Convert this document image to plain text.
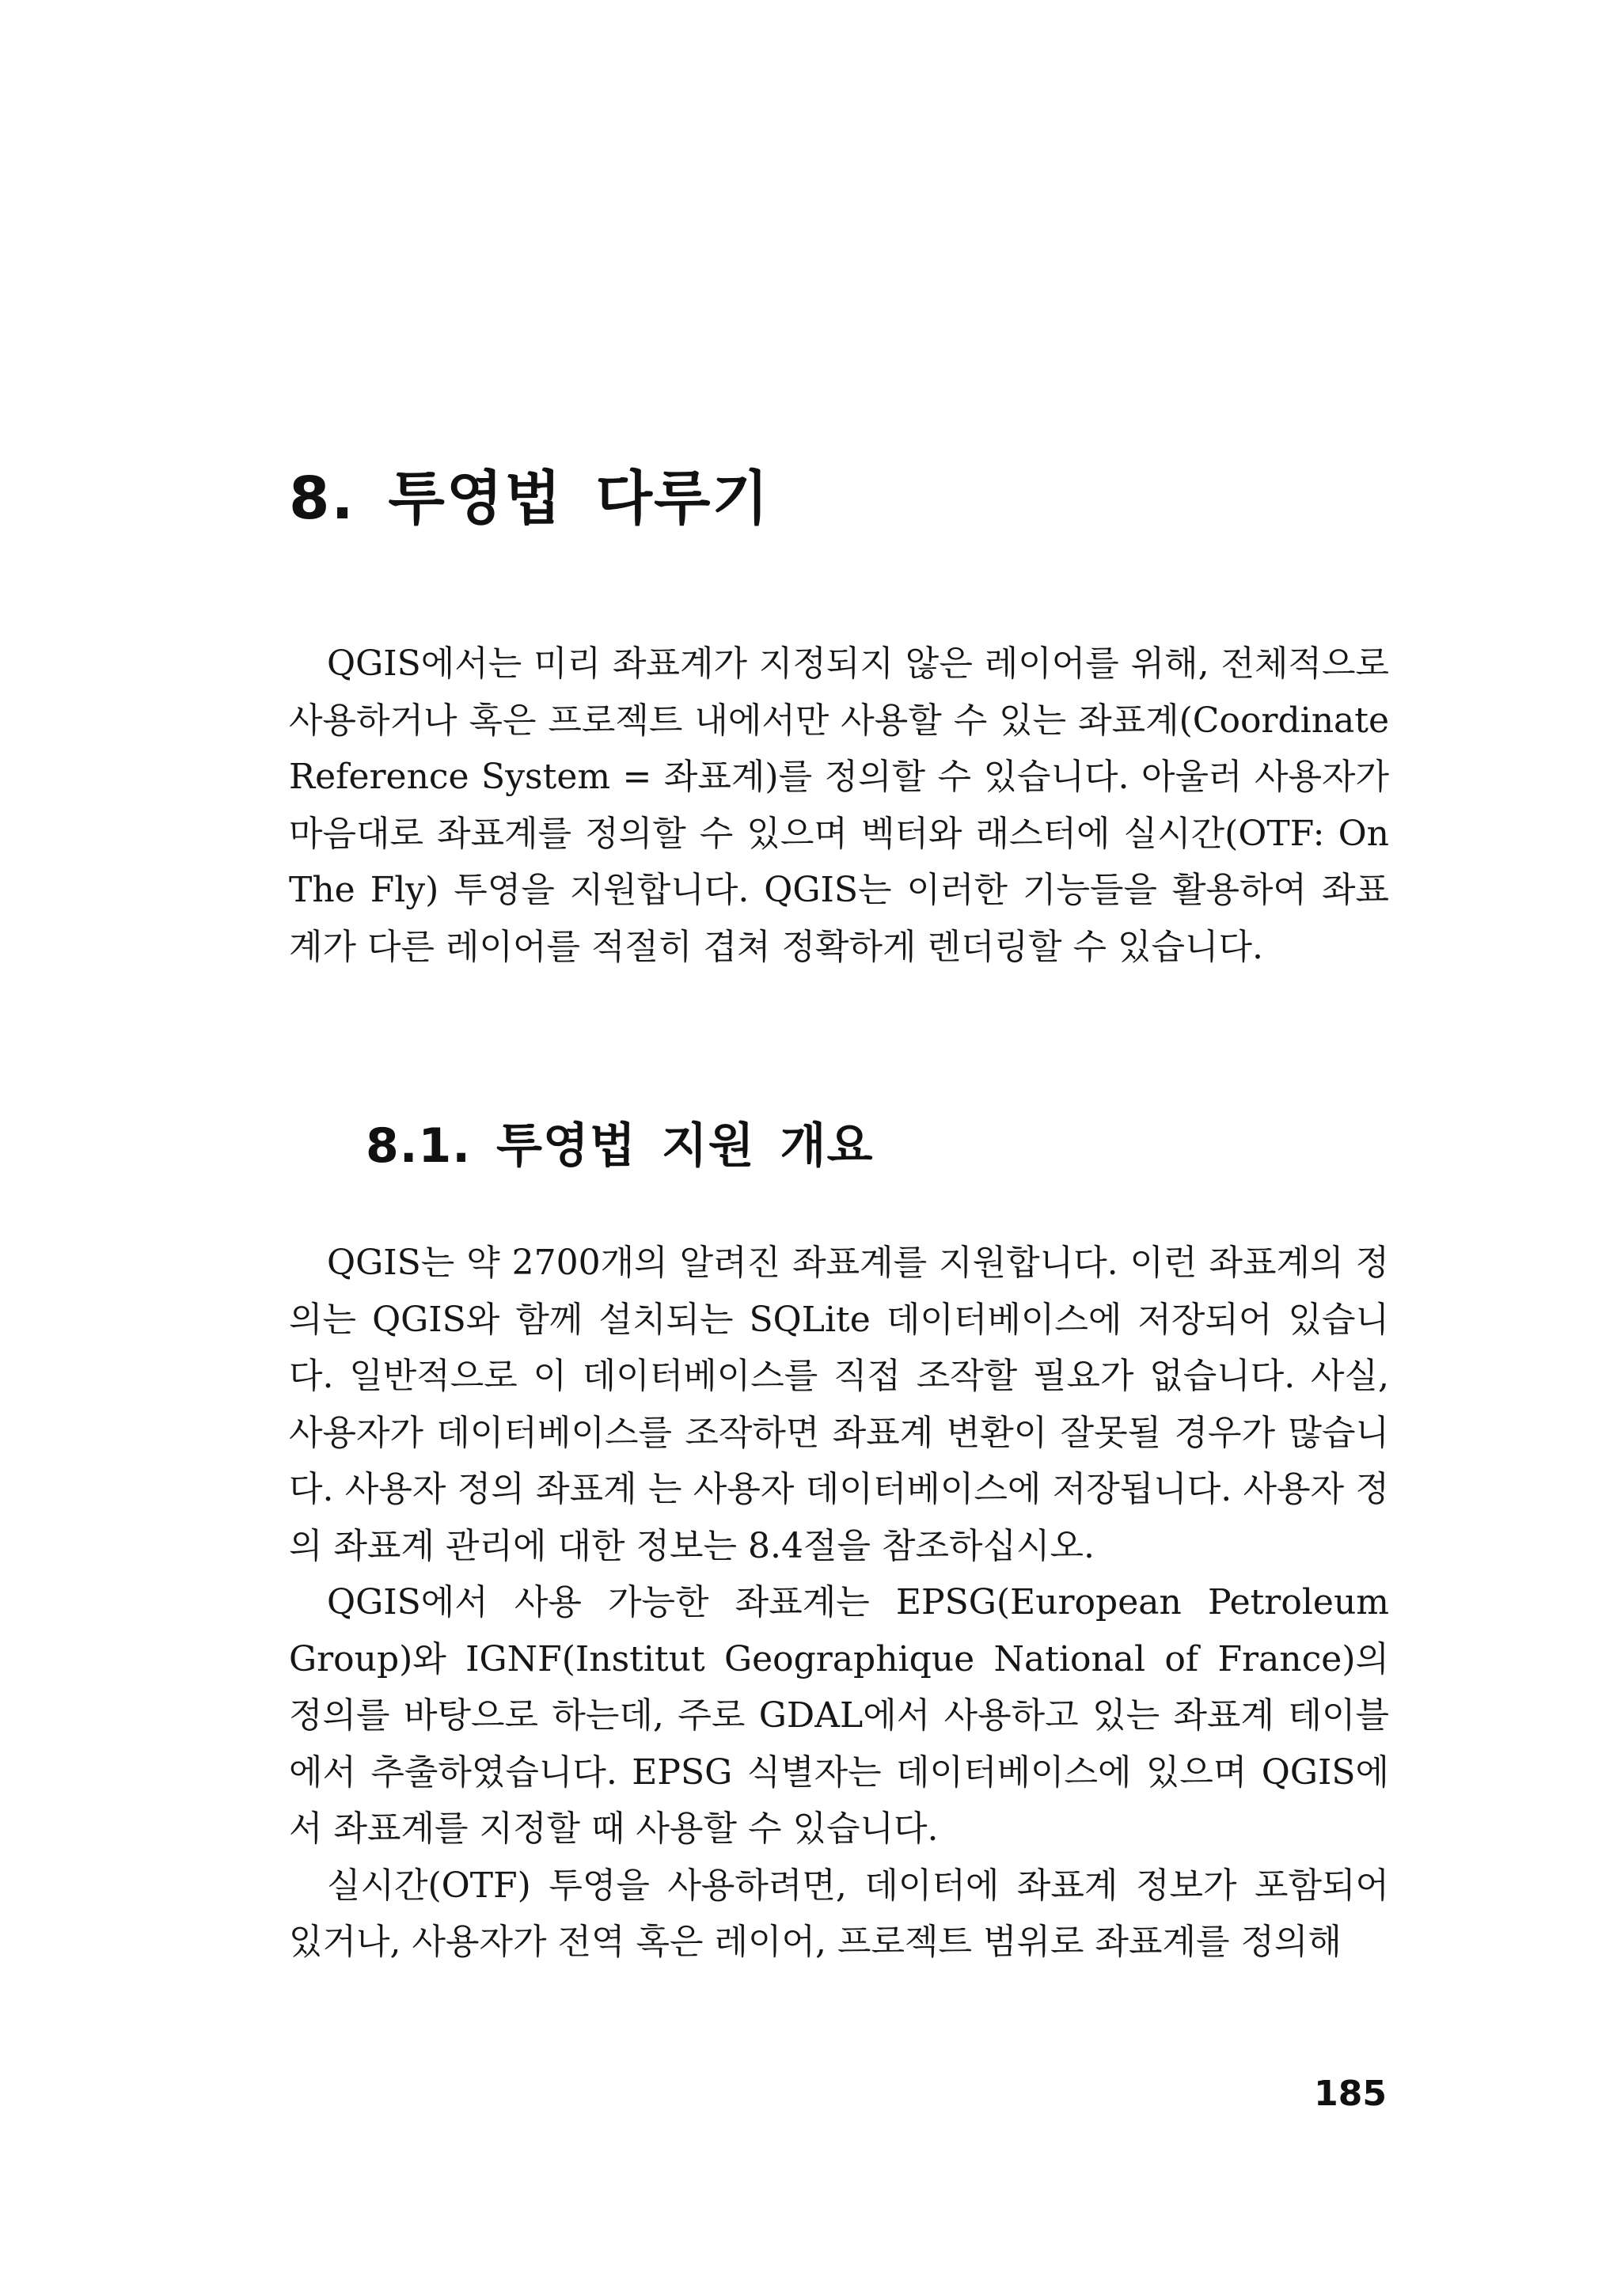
8. 투영법 다루기

QGIS에서는 미리 좌표계가 지정되지 않은 레이어를 위해, 전체적으로 사용하거나 혹은 프로젝트 내에서만 사용할 수 있는 좌표계(Coordinate Reference System = 좌표계)를 정의할 수 있습니다. 아울러 사용자가 마음대로 좌표계를 정의할 수 있으며 벡터와 래스터에 실시간(OTF: On The Fly) 투영을 지원합니다. QGIS는 이러한 기능들을 활용하여 좌표계가 다른 레이어를 적절히 겹쳐 정확하게 렌더링할 수 있습니다.

8.1. 투영법 지원 개요

QGIS는 약 2700개의 알려진 좌표계를 지원합니다. 이런 좌표계의 정의는 QGIS와 함께 설치되는 SQLite 데이터베이스에 저장되어 있습니다. 일반적으로 이 데이터베이스를 직접 조작할 필요가 없습니다. 사실, 사용자가 데이터베이스를 조작하면 좌표계 변환이 잘못될 경우가 많습니다. 사용자 정의 좌표계 는 사용자 데이터베이스에 저장됩니다. 사용자 정의 좌표계 관리에 대한 정보는 8.4절을 참조하십시오.

QGIS에서 사용 가능한 좌표계는 EPSG(European Petroleum Group)와 IGNF(Institut Geographique National of France)의 정의를 바탕으로 하는데, 주로 GDAL에서 사용하고 있는 좌표계 테이블에서 추출하였습니다. EPSG 식별자는 데이터베이스에 있으며 QGIS에서 좌표계를 지정할 때 사용할 수 있습니다.

실시간(OTF) 투영을 사용하려면, 데이터에 좌표계 정보가 포함되어 있거나, 사용자가 전역 혹은 레이어, 프로젝트 범위로 좌표계를 정의해

185
